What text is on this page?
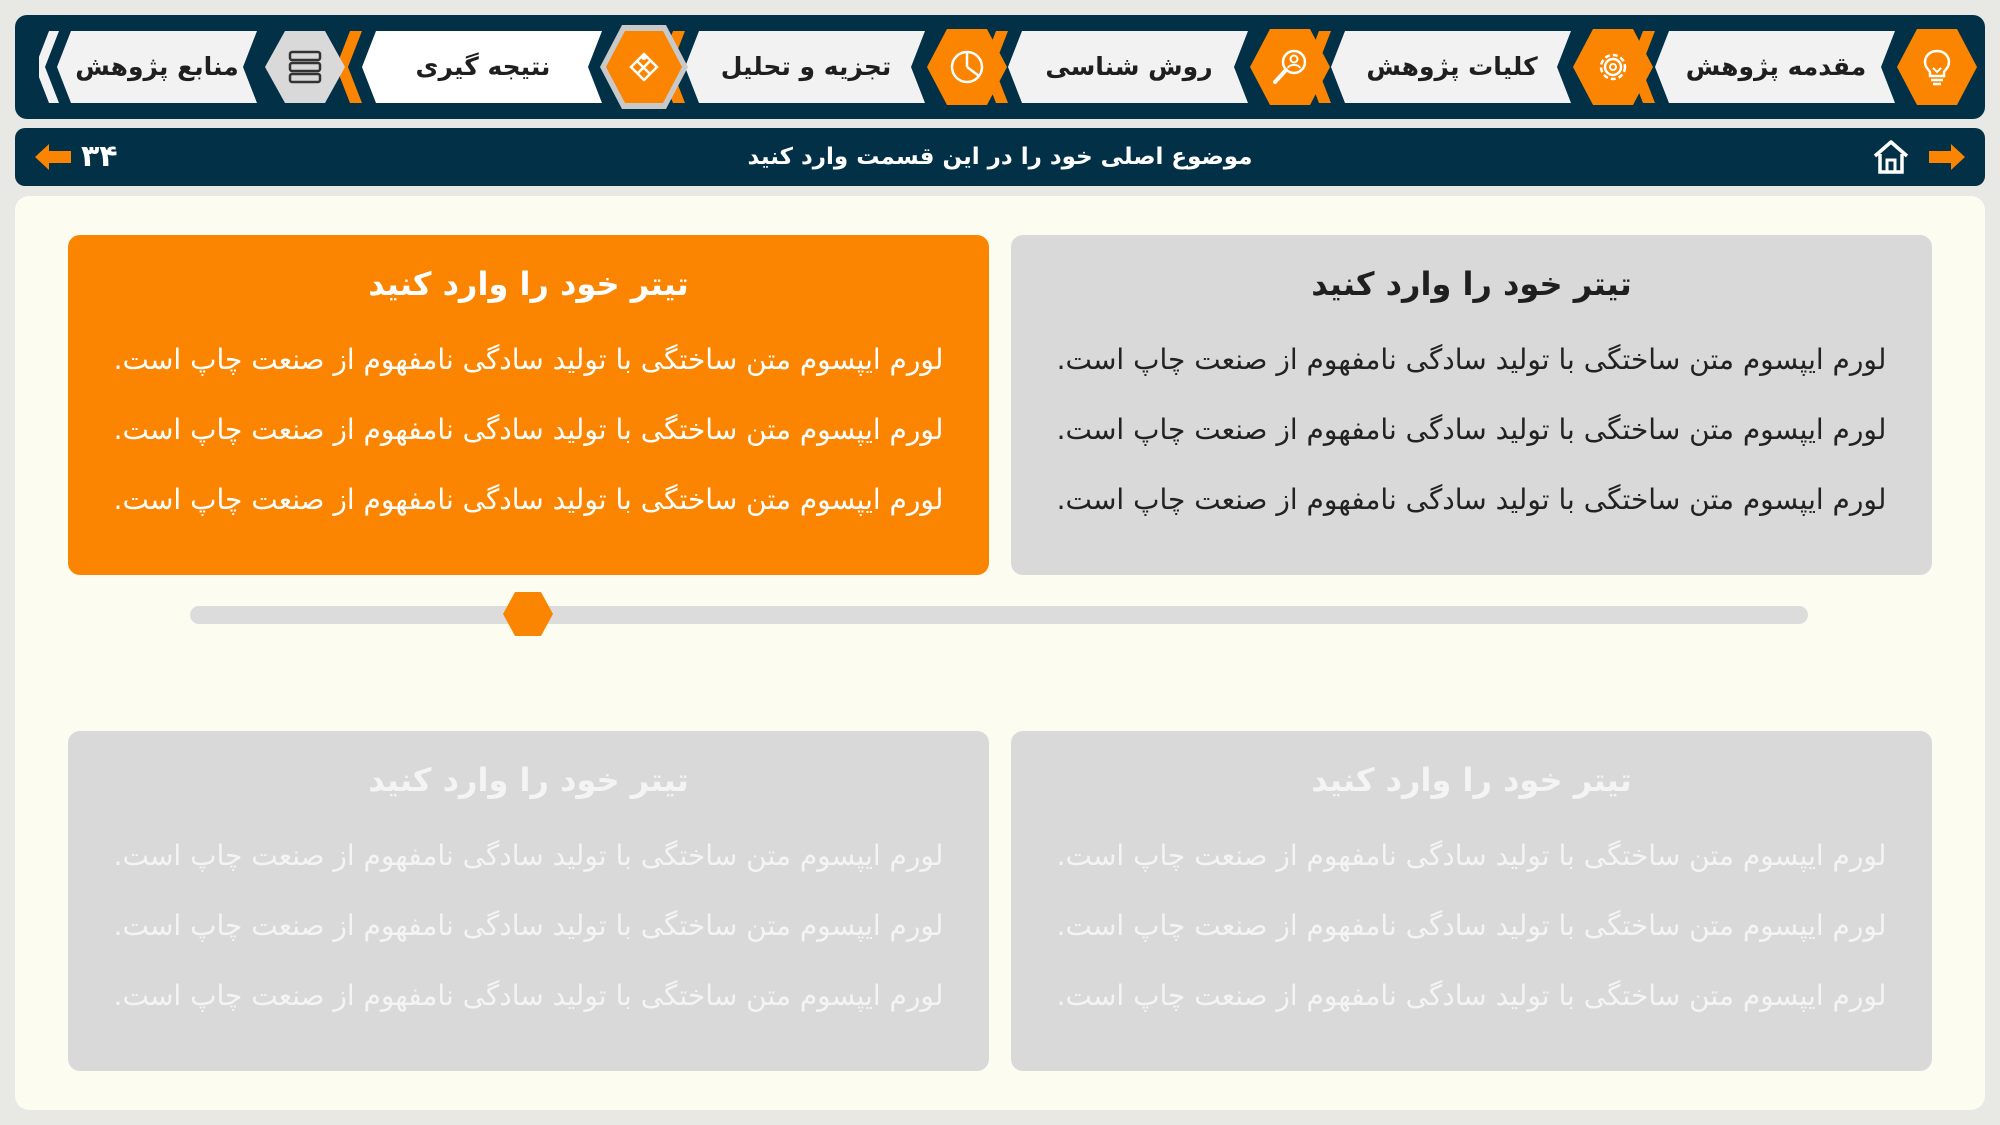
مقدمه پژوهش
کلیات پژوهش
روش شناسی
تجزیه و تحلیل
نتیجه گیری
منابع پژوهش
۳۴	موضوع اصلی خود را در این قسمت وارد کنید
تیتر خود را وارد کنید
لورم ایپسوم متن ساختگی با تولید سادگی نامفهوم از صنعت چاپ است.
لورم ایپسوم متن ساختگی با تولید سادگی نامفهوم از صنعت چاپ است.
لورم ایپسوم متن ساختگی با تولید سادگی نامفهوم از صنعت چاپ است.
تیتر خود را وارد کنید
لورم ایپسوم متن ساختگی با تولید سادگی نامفهوم از صنعت چاپ است.
لورم ایپسوم متن ساختگی با تولید سادگی نامفهوم از صنعت چاپ است.
لورم ایپسوم متن ساختگی با تولید سادگی نامفهوم از صنعت چاپ است.
تیتر خود را وارد کنید
لورم ایپسوم متن ساختگی با تولید سادگی نامفهوم از صنعت چاپ است.
لورم ایپسوم متن ساختگی با تولید سادگی نامفهوم از صنعت چاپ است.
لورم ایپسوم متن ساختگی با تولید سادگی نامفهوم از صنعت چاپ است.
تیتر خود را وارد کنید
لورم ایپسوم متن ساختگی با تولید سادگی نامفهوم از صنعت چاپ است.
لورم ایپسوم متن ساختگی با تولید سادگی نامفهوم از صنعت چاپ است.
لورم ایپسوم متن ساختگی با تولید سادگی نامفهوم از صنعت چاپ است.
